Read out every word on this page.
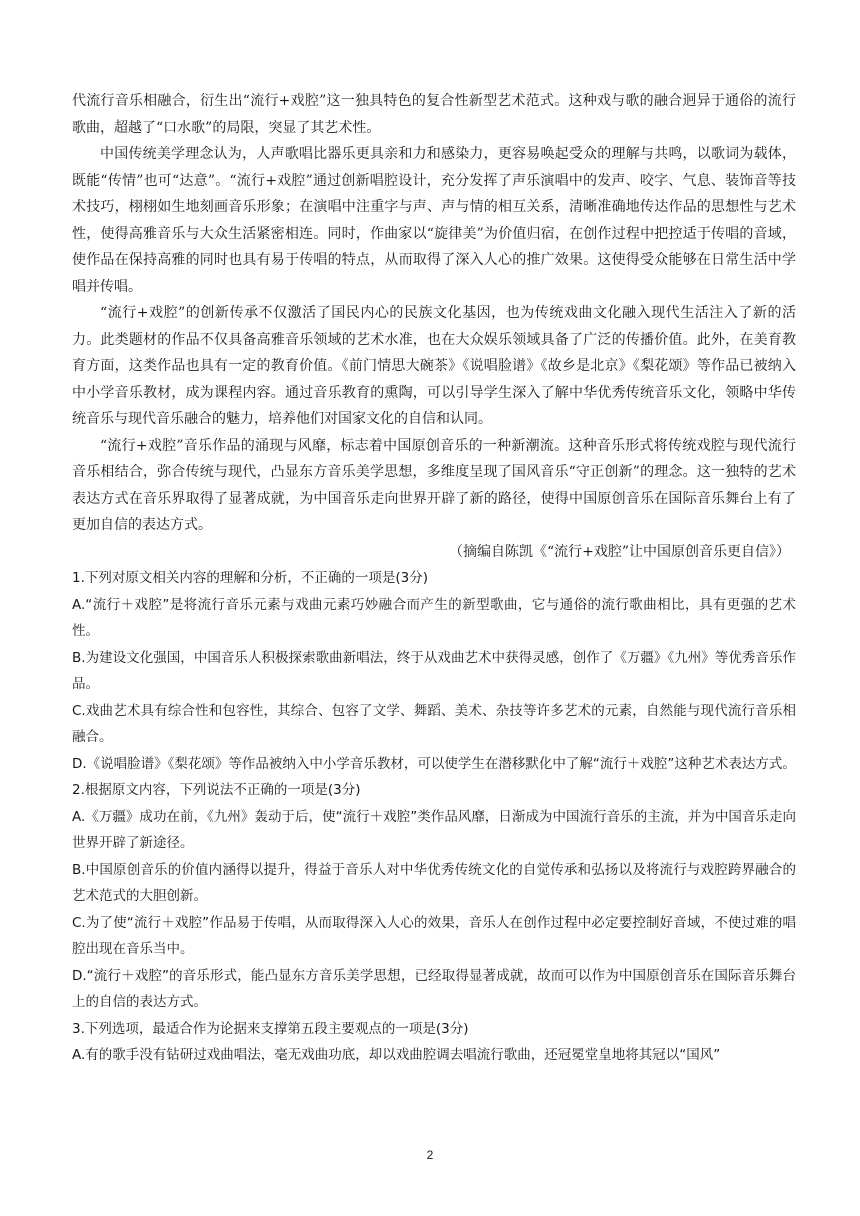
代流行音乐相融合，衍生出“流行+戏腔”这一独具特色的复合性新型艺术范式。这种戏与歌的融合迥异于通俗的流行歌曲，超越了“口水歌”的局限，突显了其艺术性。

中国传统美学理念认为，人声歌唱比器乐更具亲和力和感染力，更容易唤起受众的理解与共鸣，以歌词为载体，既能“传情”也可“达意”。“流行+戏腔”通过创新唱腔设计，充分发挥了声乐演唱中的发声、咬字、气息、装饰音等技术技巧，栩栩如生地刻画音乐形象；在演唱中注重字与声、声与情的相互关系，清晰准确地传达作品的思想性与艺术性，使得高雅音乐与大众生活紧密相连。同时，作曲家以“旋律美”为价值归宿，在创作过程中把控适于传唱的音域，使作品在保持高雅的同时也具有易于传唱的特点，从而取得了深入人心的推广效果。这使得受众能够在日常生活中学唱并传唱。

“流行+戏腔”的创新传承不仅激活了国民内心的民族文化基因，也为传统戏曲文化融入现代生活注入了新的活力。此类题材的作品不仅具备高雅音乐领域的艺术水准，也在大众娱乐领域具备了广泛的传播价值。此外，在美育教育方面，这类作品也具有一定的教育价值。《前门情思大碗茶》《说唱脸谱》《故乡是北京》《梨花颂》等作品已被纳入中小学音乐教材，成为课程内容。通过音乐教育的熏陶，可以引导学生深入了解中华优秀传统音乐文化，领略中华传统音乐与现代音乐融合的魅力，培养他们对国家文化的自信和认同。

“流行+戏腔”音乐作品的涌现与风靡，标志着中国原创音乐的一种新潮流。这种音乐形式将传统戏腔与现代流行音乐相结合，弥合传统与现代，凸显东方音乐美学思想，多维度呈现了国风音乐“守正创新”的理念。这一独特的艺术表达方式在音乐界取得了显著成就，为中国音乐走向世界开辟了新的路径，使得中国原创音乐在国际音乐舞台上有了更加自信的表达方式。

（摘编自陈凯《“流行+戏腔”让中国原创音乐更自信》）

1.下列对原文相关内容的理解和分析，不正确的一项是(3分)

A.“流行＋戏腔”是将流行音乐元素与戏曲元素巧妙融合而产生的新型歌曲，它与通俗的流行歌曲相比，具有更强的艺术性。

B.为建设文化强国，中国音乐人积极探索歌曲新唱法，终于从戏曲艺术中获得灵感，创作了《万疆》《九州》等优秀音乐作品。

C.戏曲艺术具有综合性和包容性，其综合、包容了文学、舞蹈、美术、杂技等许多艺术的元素，自然能与现代流行音乐相融合。

D.《说唱脸谱》《梨花颂》等作品被纳入中小学音乐教材，可以使学生在潜移默化中了解“流行＋戏腔”这种艺术表达方式。

2.根据原文内容，下列说法不正确的一项是(3分)

A.《万疆》成功在前，《九州》轰动于后，使“流行＋戏腔”类作品风靡，日渐成为中国流行音乐的主流，并为中国音乐走向世界开辟了新途径。

B.中国原创音乐的价值内涵得以提升，得益于音乐人对中华优秀传统文化的自觉传承和弘扬以及将流行与戏腔跨界融合的艺术范式的大胆创新。

C.为了使“流行＋戏腔”作品易于传唱，从而取得深入人心的效果，音乐人在创作过程中必定要控制好音域，不使过难的唱腔出现在音乐当中。

D.“流行＋戏腔”的音乐形式，能凸显东方音乐美学思想，已经取得显著成就，故而可以作为中国原创音乐在国际音乐舞台上的自信的表达方式。

3.下列选项，最适合作为论据来支撑第五段主要观点的一项是(3分)

A.有的歌手没有钻研过戏曲唱法，毫无戏曲功底，却以戏曲腔调去唱流行歌曲，还冠冕堂皇地将其冠以“国风”

2
